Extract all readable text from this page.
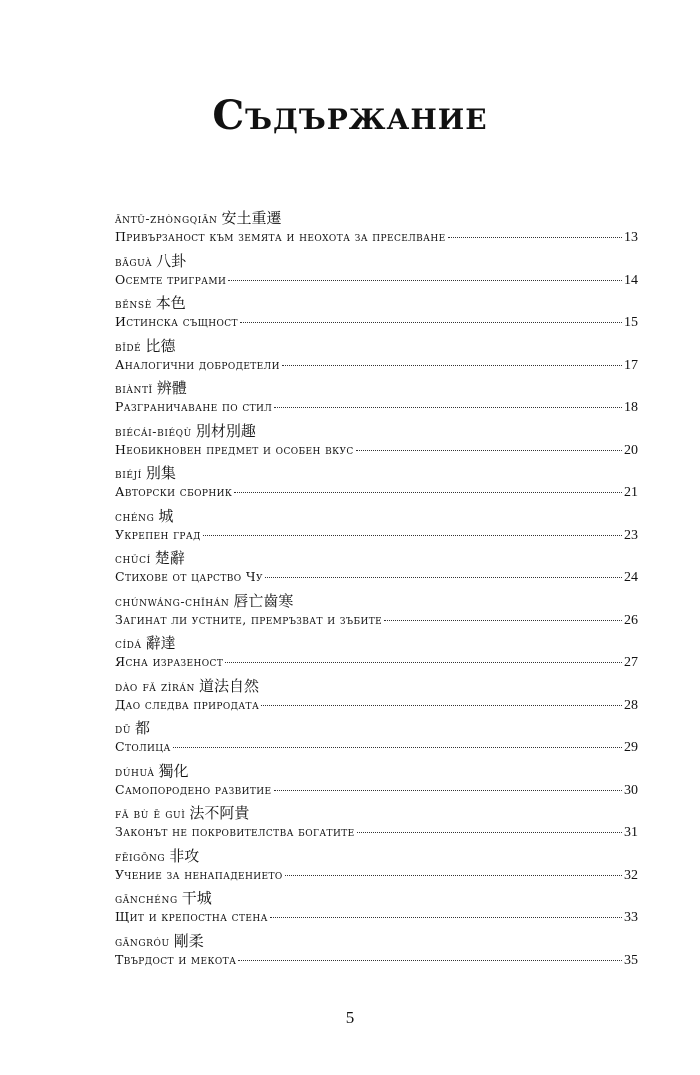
Съдържание
āntǔ-zhòngqiān 安土重遷
Привързаност към земята и неохота за преселване	13
bāguà 八卦
Осемте триграми	14
běnsè 本色
Истинска същност	15
bǐdé 比德
Аналогични добродетели	17
biàntǐ 辨體
Разграничаване по стил	18
biécái-biéqù 別材別趣
Необикновен предмет и особен вкус	20
biéjí 別集
Авторски сборник	21
chéng 城
Укрепен град	23
chǔcí 楚辭
Стихове от царство Чу	24
chúnwáng-chǐhán 唇亡齒寒
Загинат ли устните, премръзват и зъбите	26
cídá 辭達
Ясна изразеност	27
dào fǎ zìrán 道法自然
Дао следва природата	28
dū 都
Столица	29
dúhuà 獨化
Самопородено развитие	30
fǎ bù ē guì 法不阿貴
Законът не покровителства богатите	31
fēigōng 非攻
Учение за ненападението	32
gānchéng 干城
Щит и крепостна стена	33
gāngróu 剛柔
Твърдост и мекота	35
5
